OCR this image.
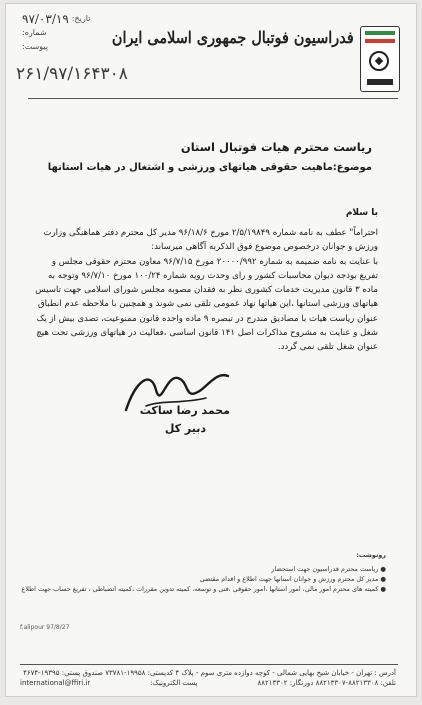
فدراسیون فوتبال جمهوری اسلامی ایران
تاریخ:
۹۷/۰۳/۱۹
شماره:
پیوست:
۲۶۱/۹۷/۱۶۴۳۰۸
ریاست محترم هیات فوتبال استان
موضوع:ماهیت حقوقی هیاتهای ورزشی و اشتغال در هیات استانها
با سلام

احتراماً" عطف به نامه شماره ۲/۵/۱۹۸۴۹ مورخ ۹۶/۱۸/۶ مدیر کل محترم دفتر هماهنگی وزارت ورزش و جوانان درخصوص موضوع فوق الذکربه آگاهی میرساند:

با عنایت به نامه ضمیمه به شماره ۲۰۰۰۰/۹۹۲ مورخ ۹۶/۷/۱۵ معاون محترم حقوقی مجلس و تفریغ بودجه دیوان محاسبات کشور و رای وحدت رویه شماره ۱۰۰/۲۴ مورخ ۹۶/۷/۱۰ وتوجه به ماده ۳ قانون مدیریت خدمات کشوری نظر به فقدان مصوبه مجلس شورای اسلامی جهت تاسیس هیاتهای ورزشی استانها ،این هیاتها نهاد عمومی تلقی نمی شوند و همچنین با ملاحظه عدم انطباق عنوان ریاست هیات با مصادیق مندرج در تبصره ۹ ماده واحده قانون ممنوعیت، تصدی بیش از یک شغل و عنایت به مشروح مذاکرات اصل ۱۴۱ قانون اساسی ،فعالیت در هیاتهای ورزشی تحت هیچ عنوان شغل تلقی نمی گردد.

محمد رضا ساکت
دبیر کل
رونوشت:
● ریاست محترم فدراسیون جهت استحضار
● مدیر کل محترم ورزش و جوانان استانها جهت اطلاع و اقدام مقتضی
● کمیته های محترم امور مالی، امور استانها ،امور حقوقی ،فنی و توسعه، کمیته تدوین مقررات ،کمیته انضباطی ، تفریغ حساب جهت اطلاع
f.alipour 97/8/27
آدرس : تهران - خیابان شیخ بهایی شمالی - کوچه دوازده متری سوم - پلاک ۴ کدپستی: ۱۹۹۵۸-۷۳۷۸۱ صندوق پستی: ۱۹۳۹۵-۴۶۷۴
international@ffiri.ir	پست الکترونیک:	تلفن: ۸۸۲۱۳۳۰۸-۸۸۲۱۳۳۰۷ دورنگار: ۸۸۲۱۳۳۰۲
